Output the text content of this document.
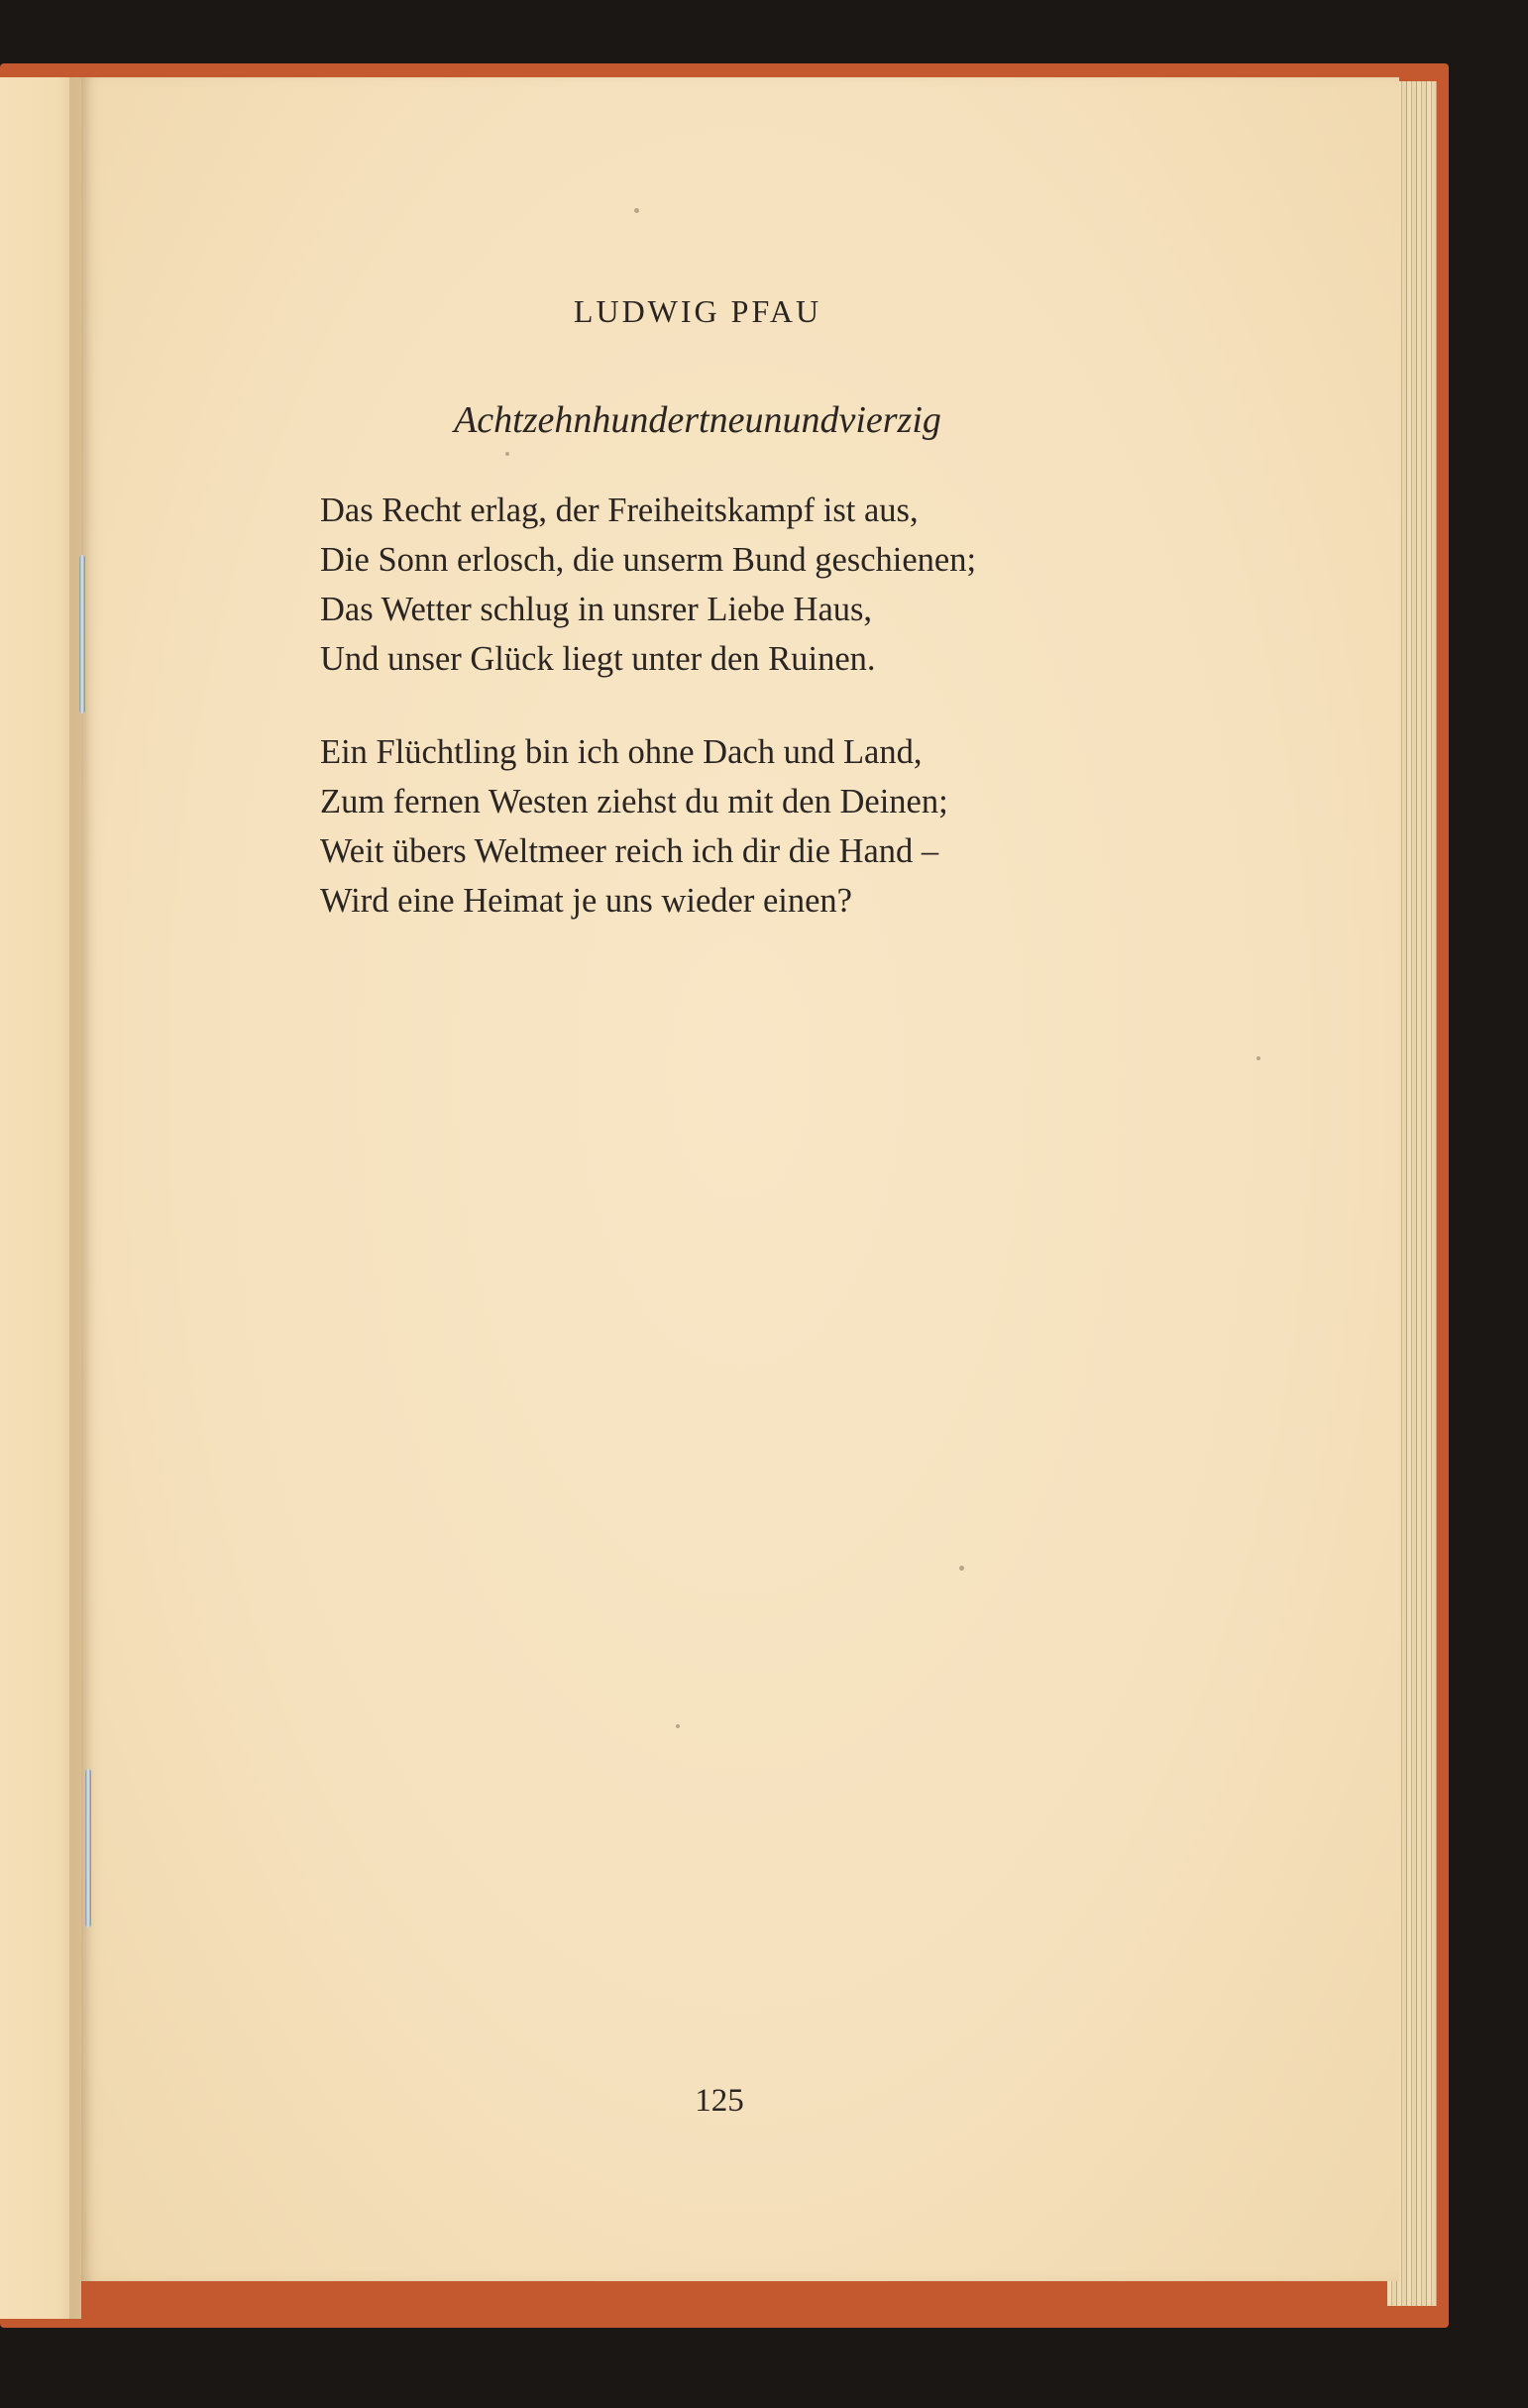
LUDWIG PFAU
Achtzehnhundertneunundvierzig
Das Recht erlag, der Freiheitskampf ist aus,
Die Sonn erlosch, die unserm Bund geschienen;
Das Wetter schlug in unsrer Liebe Haus,
Und unser Glück liegt unter den Ruinen.
Ein Flüchtling bin ich ohne Dach und Land,
Zum fernen Westen ziehst du mit den Deinen;
Weit übers Weltmeer reich ich dir die Hand –
Wird eine Heimat je uns wieder einen?
125
